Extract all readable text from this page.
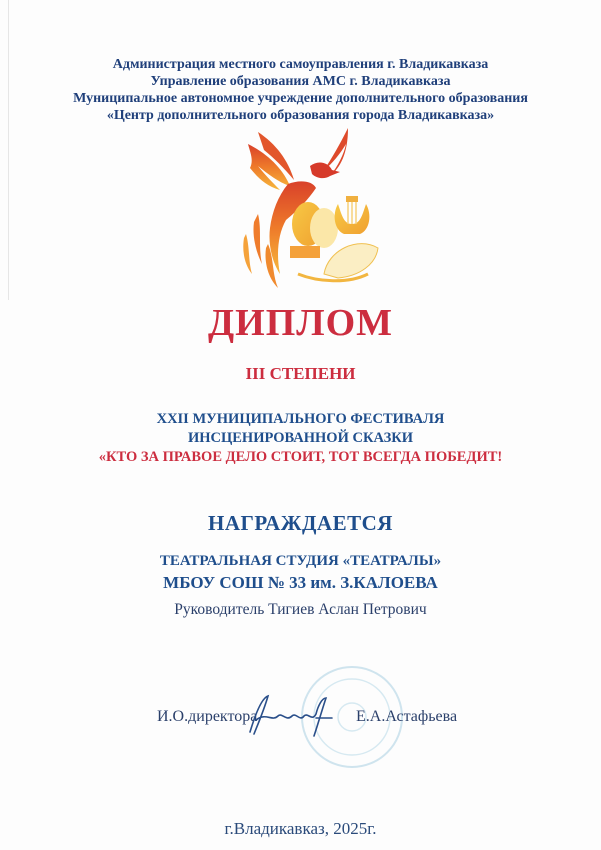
Администрация местного самоуправления г. Владикавказа
Управление образования АМС г. Владикавказа
Муниципальное автономное учреждение дополнительного образования
«Центр дополнительного образования города Владикавказа»
ДИПЛОМ
III СТЕПЕНИ
XXII МУНИЦИПАЛЬНОГО ФЕСТИВАЛЯ
ИНСЦЕНИРОВАННОЙ СКАЗКИ
«КТО ЗА ПРАВОЕ ДЕЛО СТОИТ, ТОТ ВСЕГДА ПОБЕДИТ!
НАГРАЖДАЕТСЯ
ТЕАТРАЛЬНАЯ СТУДИЯ «ТЕАТРАЛЫ»
МБОУ СОШ № 33 им. З.КАЛОЕВА
Руководитель Тигиев Аслан Петрович
И.О.директора	Е.А.Астафьева
г.Владикавказ, 2025г.
